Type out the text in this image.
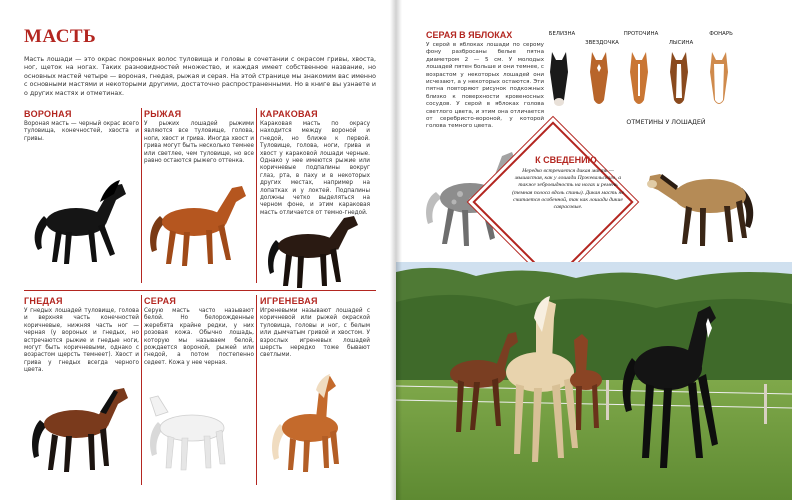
МАСТЬ
Масть лошади — это окрас покровных волос туловища и головы в сочетании с окрасом гривы, хвоста, ног, щеток на ногах. Таких разновидностей множество, и каждая имеет собственное название, но основных мастей четыре — вороная, гнедая, рыжая и серая. На этой странице мы знакомим вас именно с основными мастями и некоторыми другими, достаточно распространенными. Но в книге вы узнаете и о других мастях и отметинах.
ВОРОНАЯ
Вороная масть — черный окрас всего туловища, конечностей, хвоста и гривы.
РЫЖАЯ
У рыжих лошадей рыжими являются все туловище, голова, ноги, хвост и грива. Иногда хвост и грива могут быть несколько темнее или светлее, чем туловище, но все равно остаются рыжего оттенка.
КАРАКОВАЯ
Караковая масть по окрасу находится между вороной и гнедой, но ближе к первой. Туловище, голова, ноги, грива и хвост у караковой лошади черные. Однако у нее имеются рыжие или коричневые подпалины вокруг глаз, рта, в паху и в некоторых других местах, например на лопатках и у локтей. Подпалины должны четко выделяться на черном фоне, и этим караковая масть отличается от темно-гнедой.
ГНЕДАЯ
У гнедых лошадей туловище, голова и верхняя часть конечностей коричневые, нижняя часть ног — черная (у вороных и гнедых, но встречаются рыжие и гнедые ноги, могут быть коричневыми, однако с возрастом щерсть темнеет). Хвост и грива у гнедых всегда черного цвета.
СЕРАЯ
Серую масть часто называют белой. Но белорожденные жеребята крайне редки, у них розовая кожа. Обычно лошадь, которую мы называем белой, рождается вороной, рыжей или гнедой, а потом постепенно седеет. Кожа у нее черная.
ИГРЕНЕВАЯ
Игреневыми называют лошадей с коричневой или рыжей окраской туловища, головы и ног, с белым или дымчатым гривой и хвостом. У взрослых игреневых лошадей шерсть нередко тоже бывают светлыми.
СЕРАЯ В ЯБЛОКАХ
У серой в яблоках лошади по серому фону разбросаны белые пятна диаметром 2 — 5 см. У молодых лошадей пятен больше и они темнее, с возрастом у некоторых лошадей они исчезают, а у некоторых остаются. Эти пятна повторяют рисунок подкожных близко к поверхности кровеносных сосудов. У серой в яблоках голова светлого цвета, и этим она отличается от серебристо-вороной, у которой голова темного цвета.
БЕЛИЗНА
ЗВЕЗДОЧКА
ПРОТОЧИНА
ЛЫСИНА
ФОНАРЬ
ОТМЕТИНЫ У ЛОШАДЕЙ
К СВЕДЕНИЮ
Нередко встречается дикая масть — мышастая, как у лошади Пржевальского, а также зебровидность на ногах и ремень (темная полоса вдоль спины). Дикая масть не считается особенной, так как лошади дикие саврасовые.
